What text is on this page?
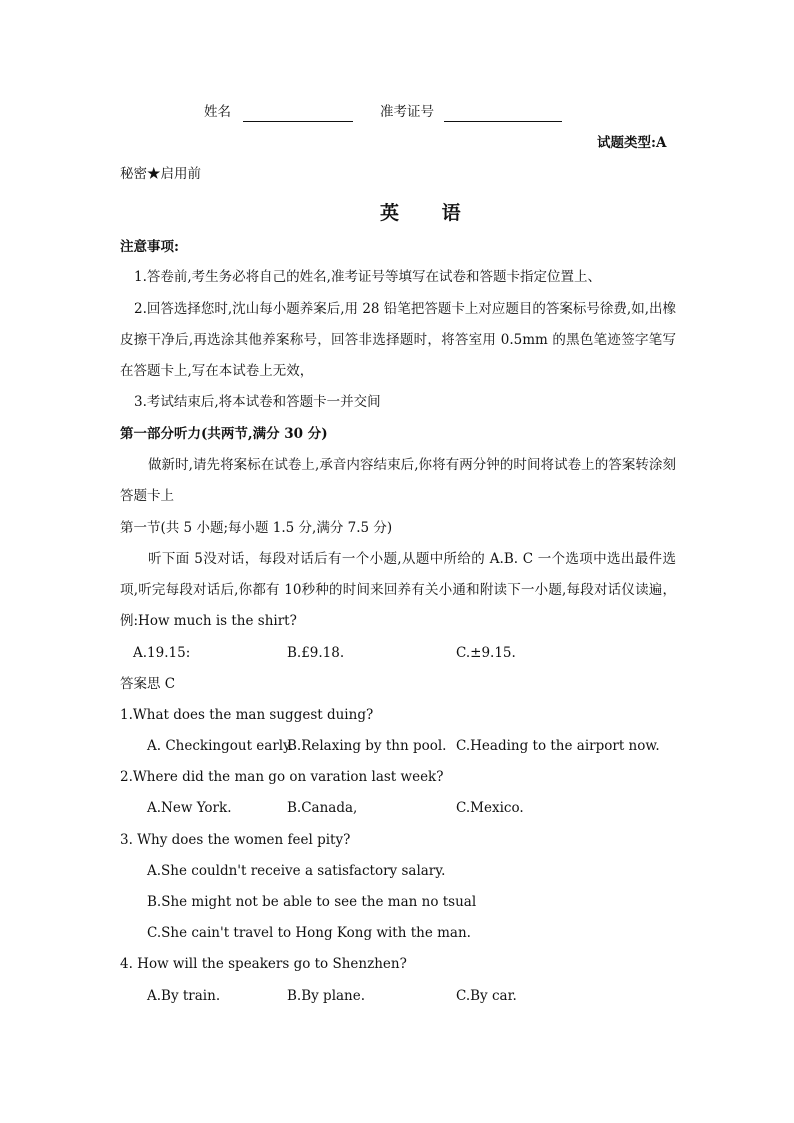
姓名	准考证号
试题类型:A
秘密★启用前
英 语
注意事项:
1.答卷前,考生务必将自己的姓名,准考证号等填写在试卷和答题卡指定位置上、
2.回答选择您时,沈山每小题养案后,用 28 铅笔把答题卡上对应题目的答案标号徐费,如,出橡皮擦干净后,再选涂其他养案称号，回答非选择题时，将答室用 0.5mm 的黑色笔迹签字笔写在答题卡上,写在本试卷上无效，
3.考试结束后,将本试卷和答题卡一并交间
第一部分听力(共两节,满分 30 分)
做新时,请先将案标在试卷上,承音内容结束后,你将有两分钟的时间将试卷上的答案转涂刻答题卡上
第一节(共 5 小题;每小题 1.5 分,满分 7.5 分)
听下面 5没对话，每段对话后有一个小题,从题中所给的 A.B. C 一个选项中选出最件选项,听完每段对话后,你都有 10秒种的时间来回养有关小通和附读下一小题,每段对话仪读遍，例:How much is the shirt?
A.19.15:	B.£9.18.	C.±9.15.
答案思 C
1.What does the man suggest duing?
A. Checkingout early.
B.Relaxing by thn pool. C.Heading to the airport now.
2.Where did the man go on varation last week?
A.New York.	B.Canada,	C.Mexico.
3. Why does the women feel pity?
A.She couldn't receive a satisfactory salary.
B.She might not be able to see the man no tsual
C.She cain't travel to Hong Kong with the man.
4. How will the speakers go to Shenzhen?
A.By train.	B.By plane.	C.By car.
